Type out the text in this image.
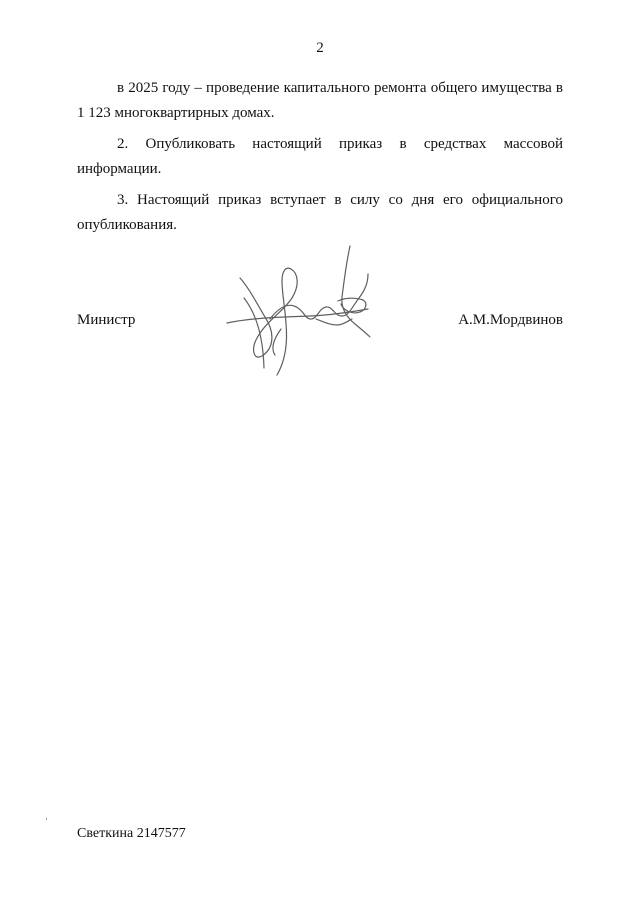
2

в 2025 году – проведение капитального ремонта общего имущества в 1 123 многоквартирных домах.

2. Опубликовать настоящий приказ в средствах массовой информации.

3. Настоящий приказ вступает в силу со дня его официального опубликования.

Министр	А.М.Мордвинов
Светкина 2147577
